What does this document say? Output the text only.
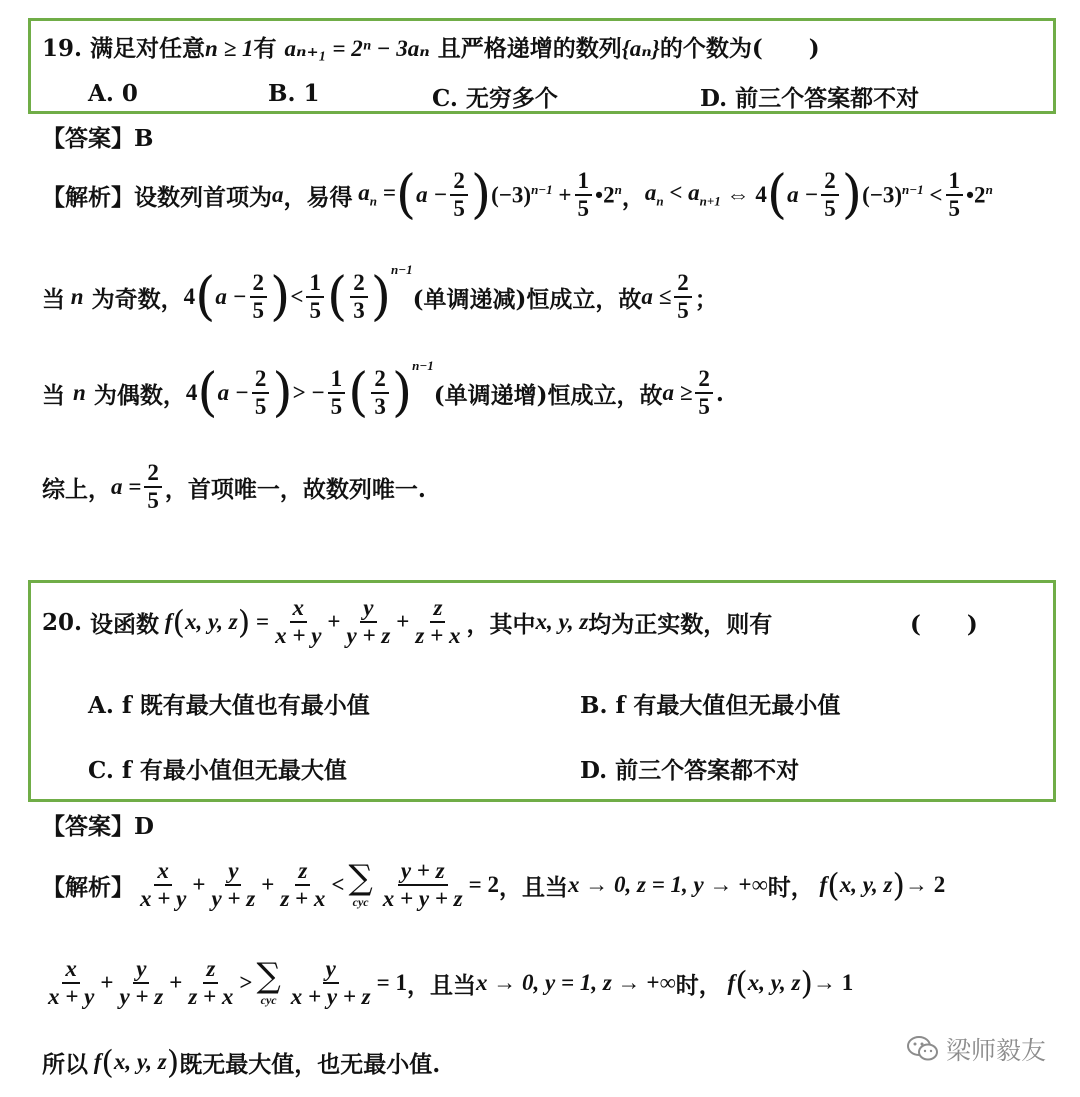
19. 满足对任意n ≥ 1有 aₙ₊₁ = 2ⁿ − 3aₙ 且严格递增的数列{aₙ}的个数为(　　)
A. 0	B. 1	C. 无穷多个	D. 前三个答案都不对
【答案】B
【解析】 设数列首项为 a ，易得 $a_n$ = ( $a - \frac{2}{5}$ ) $(-3)^{n-1} + \frac{1}{5}$ •2$^n$ ， $a_n < a_{n+1}$ ⇔ 4 ( $a - \frac{2}{5}$ ) $(-3)^{n-1} < \frac{1}{5}$ •2$^n$
当
n
为奇数， 4 ( $a - \frac{2}{5}$ ) < $\frac{1}{5}$ ( $\frac{2}{3} )^{n-1}$
(单调递减)恒成立，故 $a \le \frac{2}{5}$ ；
当
n
为偶数， 4 ( $a - \frac{2}{5}$ ) > − $\frac{1}{5}$ ( $\frac{2}{3} )^{n-1}$
(单调递增)恒成立，故 $a \ge \frac{2}{5}$ .
综上， $a = \frac{2}{5}$ ，首项唯一，故数列唯一.
20.
设函数 f ( x, y, z ) = $\frac{x}{x + y} + \frac{y}{y + z} + \frac{z}{z + x}$ ，其中 x, y, z 均为正实数，则有	(　　)
A. f 既有最大值也有最小值	B. f 有最大值但无最小值
C. f 有最小值但无最大值	D. 前三个答案都不对
【答案】D
【解析】 $\frac{x}{x + y} + \frac{y}{y + z} + \frac{z}{z + x}$ < ∑
cyc $\frac{y + z}{x + y + z} = 2$ ，且当 x → 0, z = 1, y → +∞ 时， f ( x, y, z ) → 2
$\frac{x}{x + y} + \frac{y}{y + z} + \frac{z}{z + x}$ > ∑
cyc $\frac{y}{x + y + z} = 1$ ，且当 x → 0, y = 1, z → +∞ 时， f ( x, y, z ) → 1
所以 f ( x, y, z ) 既无最大值，也无最小值.	梁师毅友
